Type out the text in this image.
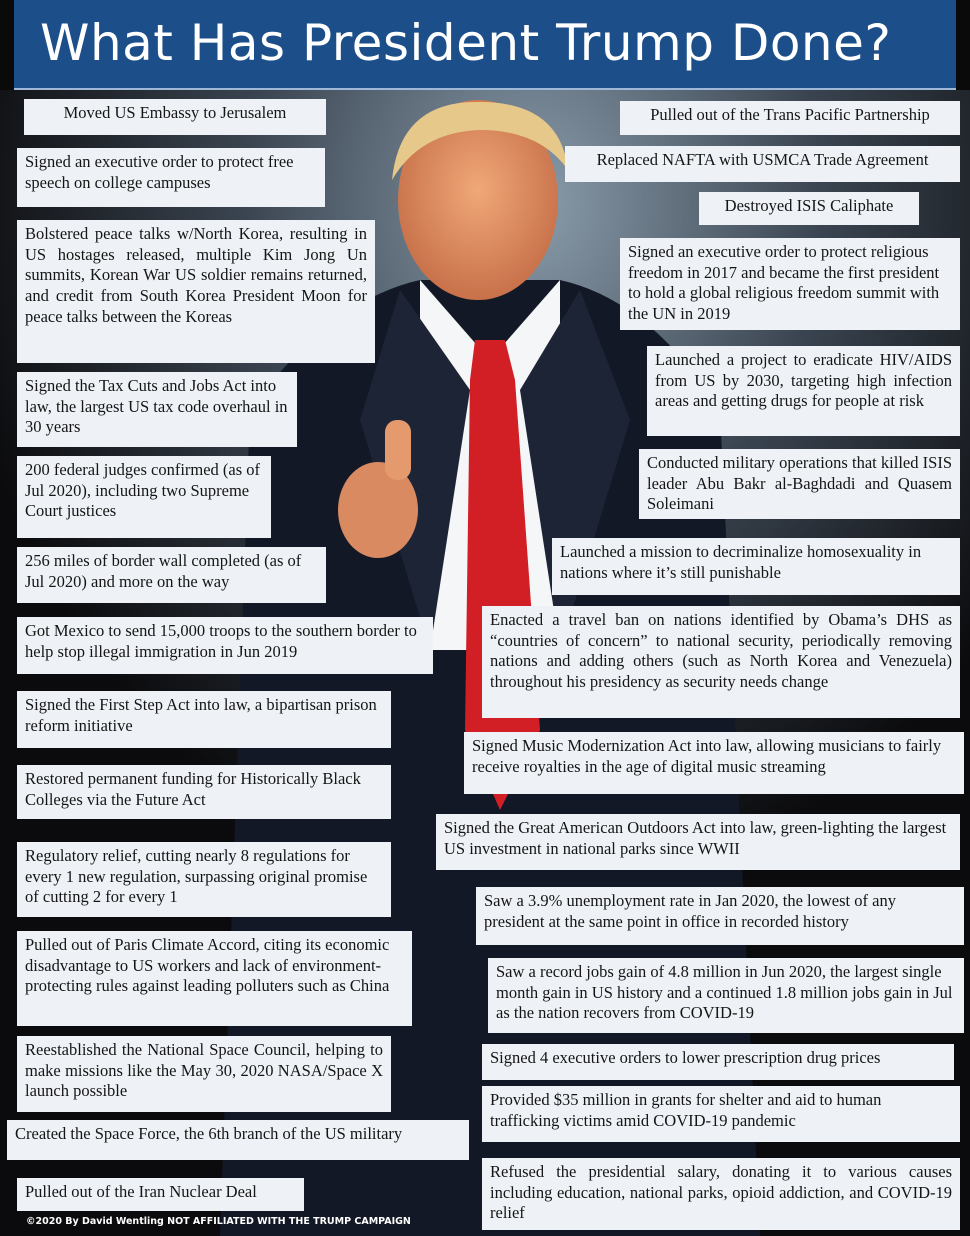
What Has President Trump Done?
Moved US Embassy to Jerusalem
Signed an executive order to protect free speech on college campuses
Bolstered peace talks w/North Korea, resulting in US hostages released, multiple Kim Jong Un summits, Korean War US soldier remains returned, and credit from South Korea President Moon for peace talks between the Koreas
Signed the Tax Cuts and Jobs Act into law, the largest US tax code overhaul in 30 years
200 federal judges confirmed (as of Jul 2020), including two Supreme Court justices
256 miles of border wall completed (as of Jul 2020) and more on the way
Got Mexico to send 15,000 troops to the southern border to help stop illegal immigration in Jun 2019
Signed the First Step Act into law, a bipartisan prison reform initiative
Restored permanent funding for Historically Black Colleges via the Future Act
Regulatory relief, cutting nearly 8 regulations for every 1 new regulation, surpassing original promise of cutting 2 for every 1
Pulled out of Paris Climate Accord, citing its economic disadvantage to US workers and lack of environment-protecting rules against leading polluters such as China
Reestablished the National Space Council, helping to make missions like the May 30, 2020 NASA/Space X launch possible
Created the Space Force, the 6th branch of the US military
Pulled out of the Iran Nuclear Deal
Pulled out of the Trans Pacific Partnership
Replaced NAFTA with USMCA Trade Agreement
Destroyed ISIS Caliphate
Signed an executive order to protect religious freedom in 2017 and became the first president to hold a global religious freedom summit with the UN in 2019
Launched a project to eradicate HIV/AIDS from US by 2030, targeting high infection areas and getting drugs for people at risk
Conducted military operations that killed ISIS leader Abu Bakr al-Baghdadi and Quasem Soleimani
Launched a mission to decriminalize homosexuality in nations where it’s still punishable
Enacted a travel ban on nations identified by Obama’s DHS as “countries of concern” to national security, periodically removing nations and adding others (such as North Korea and Venezuela) throughout his presidency as security needs change
Signed Music Modernization Act into law, allowing musicians to fairly receive royalties in the age of digital music streaming
Signed the Great American Outdoors Act into law, green-lighting the largest US investment in national parks since WWII
Saw a 3.9% unemployment rate in Jan 2020, the lowest of any president at the same point in office in recorded history
Saw a record jobs gain of 4.8 million in Jun 2020, the largest single month gain in US history and a continued 1.8 million jobs gain in Jul as the nation recovers from COVID-19
Signed 4 executive orders to lower prescription drug prices
Provided $35 million in grants for shelter and aid to human trafficking victims amid COVID-19 pandemic
Refused the presidential salary, donating it to various causes including education, national parks, opioid addiction, and COVID-19 relief
©2020 By David Wentling NOT AFFILIATED WITH THE TRUMP CAMPAIGN
